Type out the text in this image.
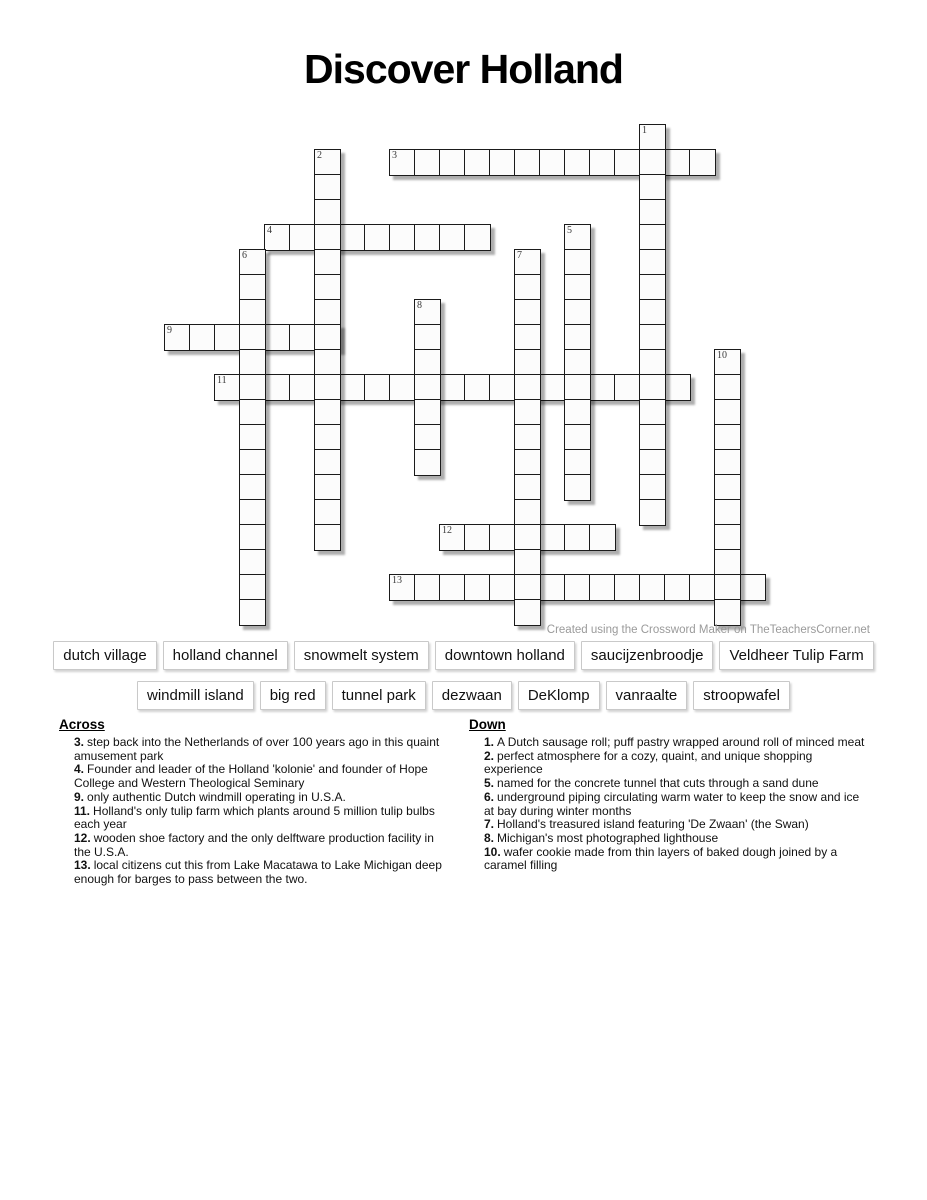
Discover Holland
3
4
9
11
12
13
1
2
5
6	7
8
10
Created using the Crossword Maker on TheTeachersCorner.net
dutch village	holland channel	snowmelt system	downtown holland	saucijzenbroodje	Veldheer Tulip Farm
windmill island	big red	tunnel park	dezwaan	DeKlomp	vanraalte	stroopwafel
Across

3. step back into the Netherlands of over 100 years ago in this quaint amusement park

4. Founder and leader of the Holland 'kolonie' and founder of Hope College and Western Theological Seminary

9. only authentic Dutch windmill operating in U.S.A.

11. Holland's only tulip farm which plants around 5 million tulip bulbs each year

12. wooden shoe factory and the only delftware production facility in the U.S.A.

13. local citizens cut this from Lake Macatawa to Lake Michigan deep enough for barges to pass between the two.

Down

1. A Dutch sausage roll; puff pastry wrapped around roll of minced meat

2. perfect atmosphere for a cozy, quaint, and unique shopping experience

5. named for the concrete tunnel that cuts through a sand dune

6. underground piping circulating warm water to keep the snow and ice at bay during winter months

7. Holland's treasured island featuring 'De Zwaan' (the Swan)

8. Michigan's most photographed lighthouse

10. wafer cookie made from thin layers of baked dough joined by a caramel filling
